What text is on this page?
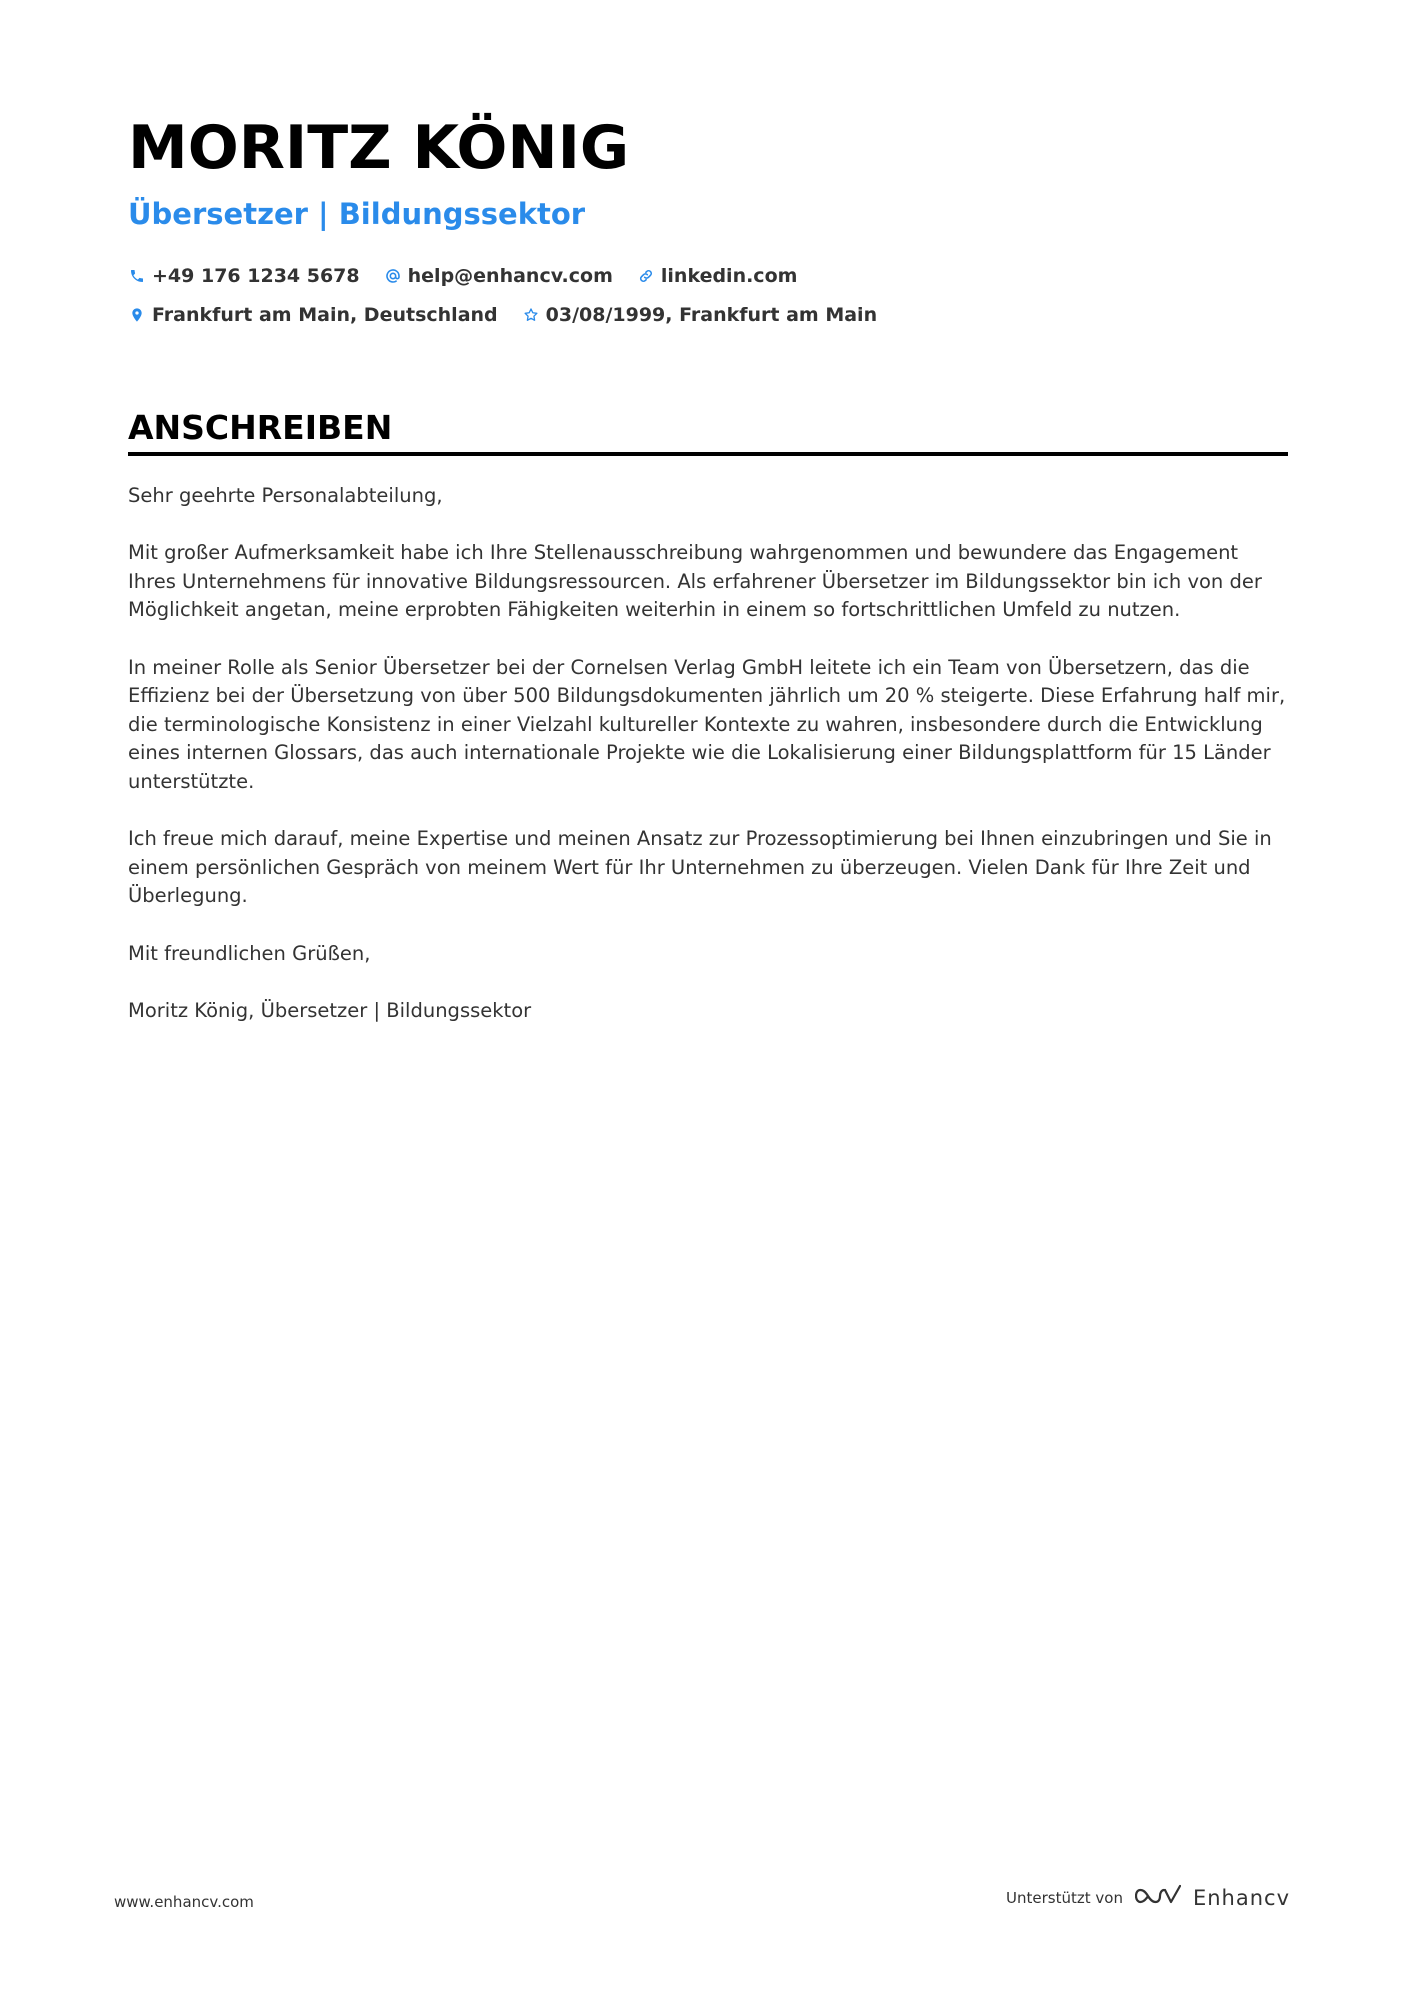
MORITZ KÖNIG
Übersetzer | Bildungssektor
+49 176 1234 5678	help@enhancv.com	linkedin.com
Frankfurt am Main, Deutschland	03/08/1999, Frankfurt am Main
ANSCHREIBEN

Sehr geehrte Personalabteilung,

Mit großer Aufmerksamkeit habe ich Ihre Stellenausschreibung wahrgenommen und bewundere das Engagement Ihres Unternehmens für innovative Bildungsressourcen. Als erfahrener Übersetzer im Bildungssektor bin ich von der Möglichkeit angetan, meine erprobten Fähigkeiten weiterhin in einem so fortschrittlichen Umfeld zu nutzen.

In meiner Rolle als Senior Übersetzer bei der Cornelsen Verlag GmbH leitete ich ein Team von Übersetzern, das die Effizienz bei der Übersetzung von über 500 Bildungsdokumenten jährlich um 20 % steigerte. Diese Erfahrung half mir, die terminologische Konsistenz in einer Vielzahl kultureller Kontexte zu wahren, insbesondere durch die Entwicklung eines internen Glossars, das auch internationale Projekte wie die Lokalisierung einer Bildungsplattform für 15 Länder unterstützte.

Ich freue mich darauf, meine Expertise und meinen Ansatz zur Prozessoptimierung bei Ihnen einzubringen und Sie in einem persönlichen Gespräch von meinem Wert für Ihr Unternehmen zu überzeugen. Vielen Dank für Ihre Zeit und Überlegung.

Mit freundlichen Grüßen,

Moritz König, Übersetzer | Bildungssektor

www.enhancv.com	Unterstützt von	Enhancv
